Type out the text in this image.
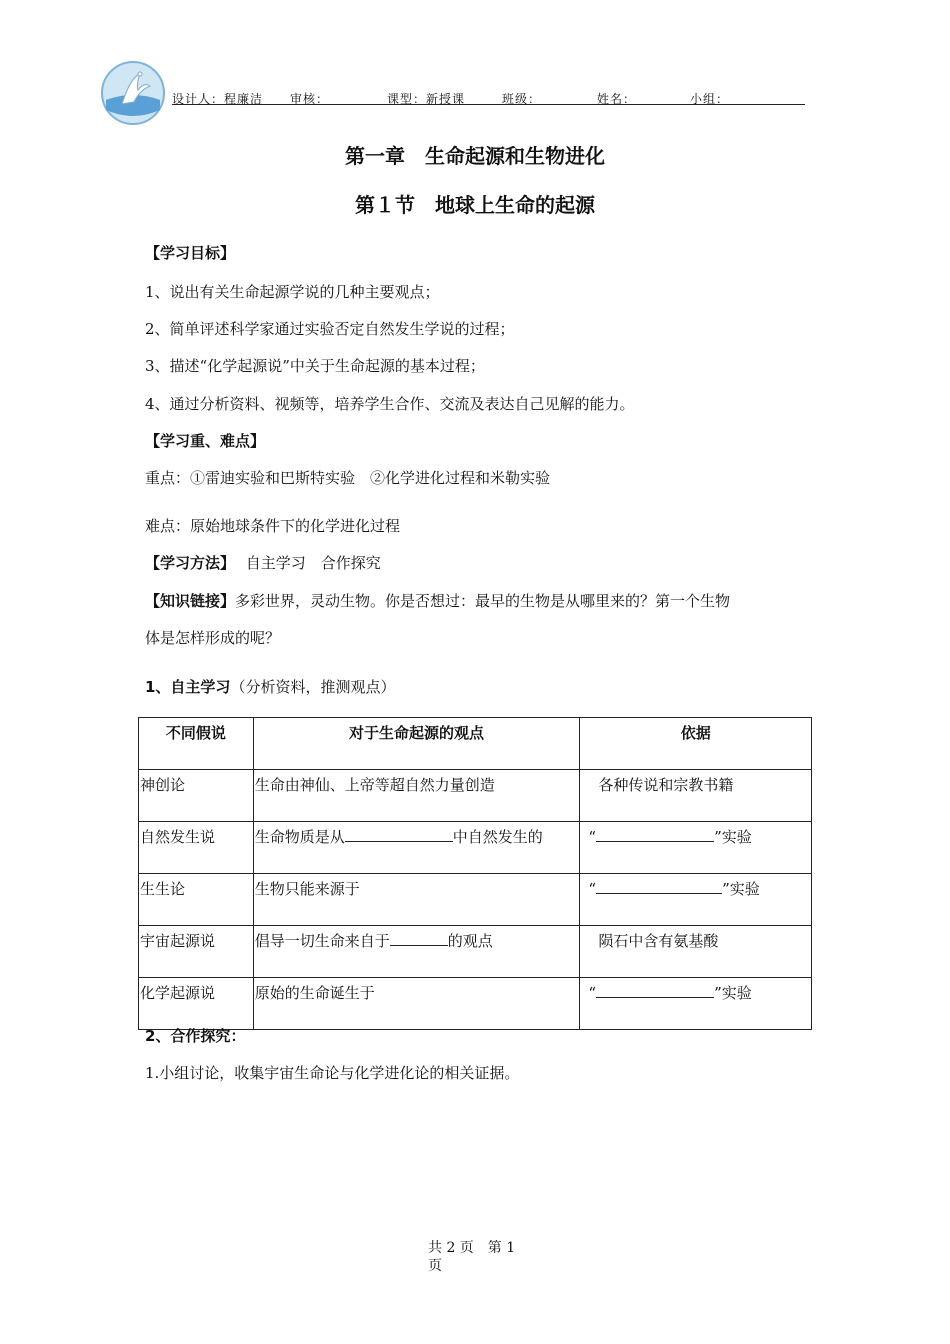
设计人：程廉洁 审核：	课型：新授课	班级：	姓名：	小组：
第一章　生命起源和生物进化
第１节　地球上生命的起源
【学习目标】
1、说出有关生命起源学说的几种主要观点；
2、简单评述科学家通过实验否定自然发生学说的过程；
3、描述“化学起源说”中关于生命起源的基本过程；
4、通过分析资料、视频等，培养学生合作、交流及表达自己见解的能力。
【学习重、难点】
重点：①雷迪实验和巴斯特实验　②化学进化过程和米勒实验
难点：原始地球条件下的化学进化过程
【学习方法】 自主学习　合作探究
【知识链接】多彩世界，灵动生物。你是否想过：最早的生物是从哪里来的？第一个生物
体是怎样形成的呢？
1、自主学习（分析资料，推测观点）
不同假说	对于生命起源的观点	依据
神创论	生命由神仙、上帝等超自然力量创造	各种传说和宗教书籍
自然发生说	生命物质是从 中自然发生的	“ ”实验
生生论	生物只能来源于	“ ”实验
宇宙起源说	倡导一切生命来自于 的观点	陨石中含有氨基酸
化学起源说	原始的生命诞生于	“ ”实验
2、合作探究：
1.小组讨论，收集宇宙生命论与化学进化论的相关证据。
共 2 页　第 1
页
